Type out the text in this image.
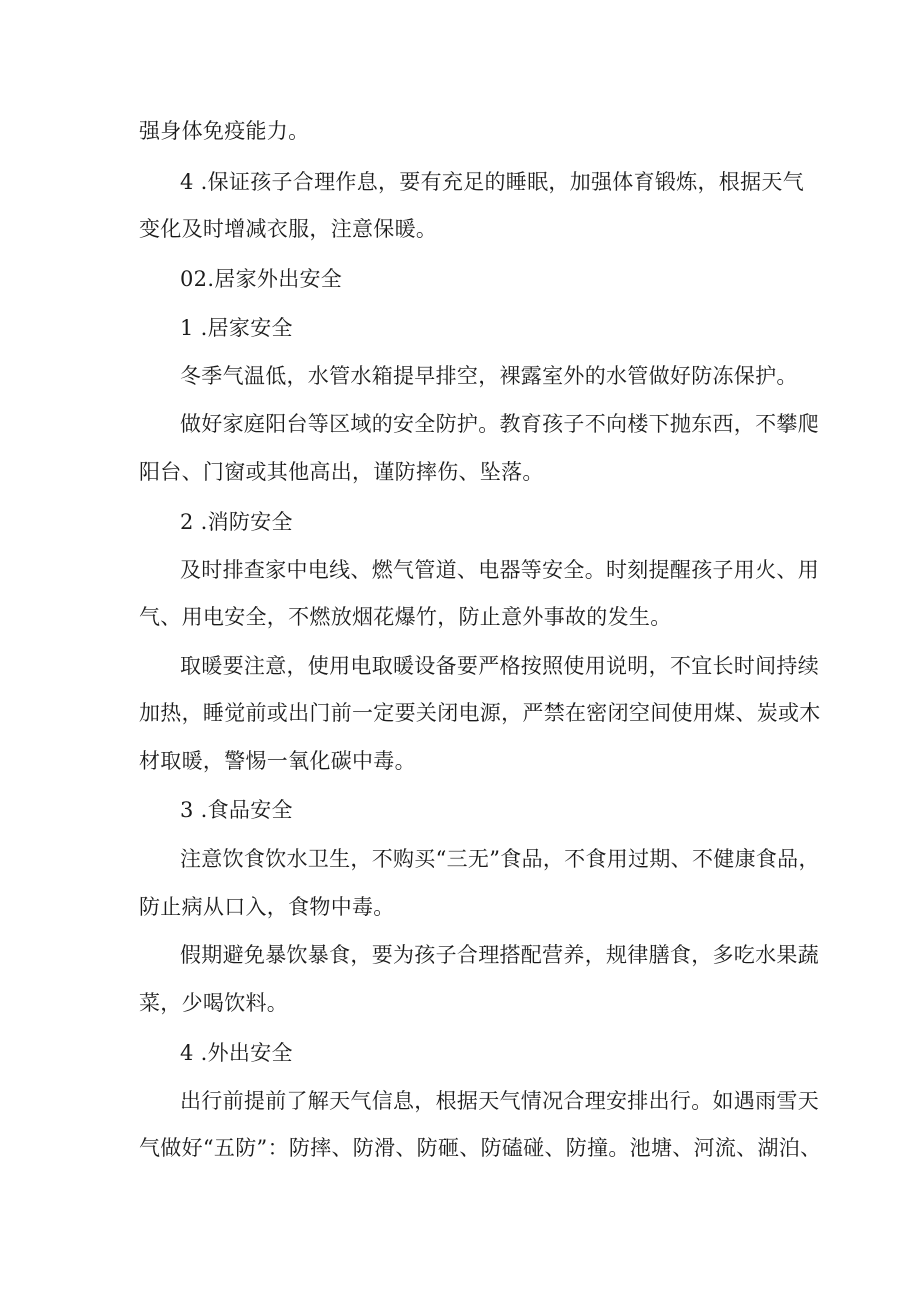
强身体免疫能力。
4 .保证孩子合理作息，要有充足的睡眠，加强体育锻炼，根据天气
变化及时增减衣服，注意保暖。
02.居家外出安全
1 .居家安全
冬季气温低，水管水箱提早排空，裸露室外的水管做好防冻保护。
做好家庭阳台等区域的安全防护。教育孩子不向楼下抛东西，不攀爬
阳台、门窗或其他高出，谨防摔伤、坠落。
2 .消防安全
及时排查家中电线、燃气管道、电器等安全。时刻提醒孩子用火、用
气、用电安全，不燃放烟花爆竹，防止意外事故的发生。
取暖要注意，使用电取暖设备要严格按照使用说明，不宜长时间持续
加热，睡觉前或出门前一定要关闭电源，严禁在密闭空间使用煤、炭或木
材取暖，警惕一氧化碳中毒。
3 .食品安全
注意饮食饮水卫生，不购买“三无”食品，不食用过期、不健康食品，
防止病从口入，食物中毒。
假期避免暴饮暴食，要为孩子合理搭配营养，规律膳食，多吃水果蔬
菜，少喝饮料。
4 .外出安全
出行前提前了解天气信息，根据天气情况合理安排出行。如遇雨雪天
气做好“五防”：防摔、防滑、防砸、防磕碰、防撞。池塘、河流、湖泊、
